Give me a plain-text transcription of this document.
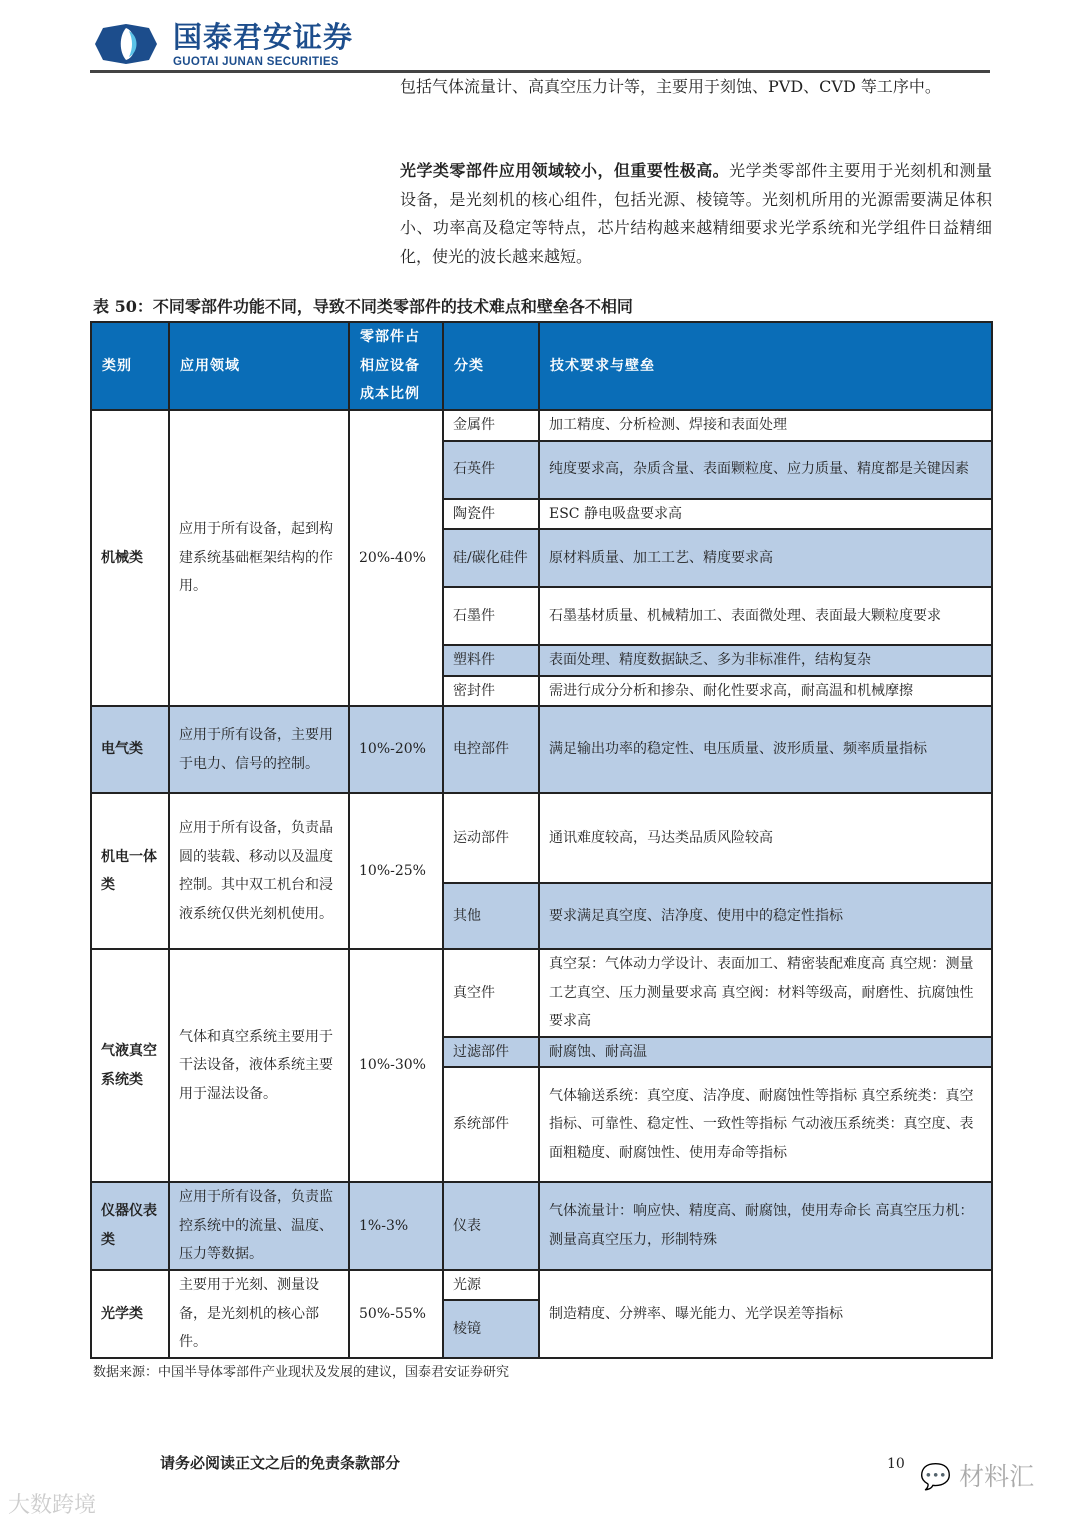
国泰君安证券
GUOTAI JUNAN SECURITIES
包括气体流量计、高真空压力计等，主要用于刻蚀、PVD、CVD 等工序中。
光学类零部件应用领域较小，但重要性极高。光学类零部件主要用于光刻机和测量设备，是光刻机的核心组件，包括光源、棱镜等。光刻机所用的光源需要满足体积小、功率高及稳定等特点，芯片结构越来越精细要求光学系统和光学组件日益精细化，使光的波长越来越短。
表 50：不同零部件功能不同，导致不同类零部件的技术难点和壁垒各不相同
类别	应用领域	零部件占相应设备成本比例	分类	技术要求与壁垒
机械类	应用于所有设备，起到构建系统基础框架结构的作用。	20%-40%	金属件	加工精度、分析检测、焊接和表面处理
			石英件	纯度要求高，杂质含量、表面颗粒度、应力质量、精度都是关键因素
			陶瓷件	ESC 静电吸盘要求高
			硅/碳化硅件	原材料质量、加工工艺、精度要求高
			石墨件	石墨基材质量、机械精加工、表面微处理、表面最大颗粒度要求
			塑料件	表面处理、精度数据缺乏、多为非标准件，结构复杂
			密封件	需进行成分分析和掺杂、耐化性要求高，耐高温和机械摩擦
电气类	应用于所有设备，主要用于电力、信号的控制。	10%-20%	电控部件	满足输出功率的稳定性、电压质量、波形质量、频率质量指标
机电一体类	应用于所有设备，负责晶圆的装载、移动以及温度控制。其中双工机台和浸液系统仅供光刻机使用。	10%-25%	运动部件	通讯难度较高，马达类品质风险较高
			其他	要求满足真空度、洁净度、使用中的稳定性指标
气液真空系统类	气体和真空系统主要用于干法设备，液体系统主要用于湿法设备。	10%-30%	真空件	真空泵：气体动力学设计、表面加工、精密装配难度高 真空规：测量工艺真空、压力测量要求高 真空阀：材料等级高，耐磨性、抗腐蚀性要求高
			过滤部件	耐腐蚀、耐高温
			系统部件	气体输送系统：真空度、洁净度、耐腐蚀性等指标 真空系统类：真空指标、可靠性、稳定性、一致性等指标 气动液压系统类：真空度、表面粗糙度、耐腐蚀性、使用寿命等指标
仪器仪表类	应用于所有设备，负责监控系统中的流量、温度、压力等数据。	1%-3%	仪表	气体流量计：响应快、精度高、耐腐蚀，使用寿命长 高真空压力机：测量高真空压力，形制特殊
光学类	主要用于光刻、测量设备，是光刻机的核心部件。	50%-55%	光源	制造精度、分辨率、曝光能力、光学误差等指标
			棱镜	
数据来源：中国半导体零部件产业现状及发展的建议，国泰君安证券研究
请务必阅读正文之后的免责条款部分	10 💬 材料汇
大数跨境
